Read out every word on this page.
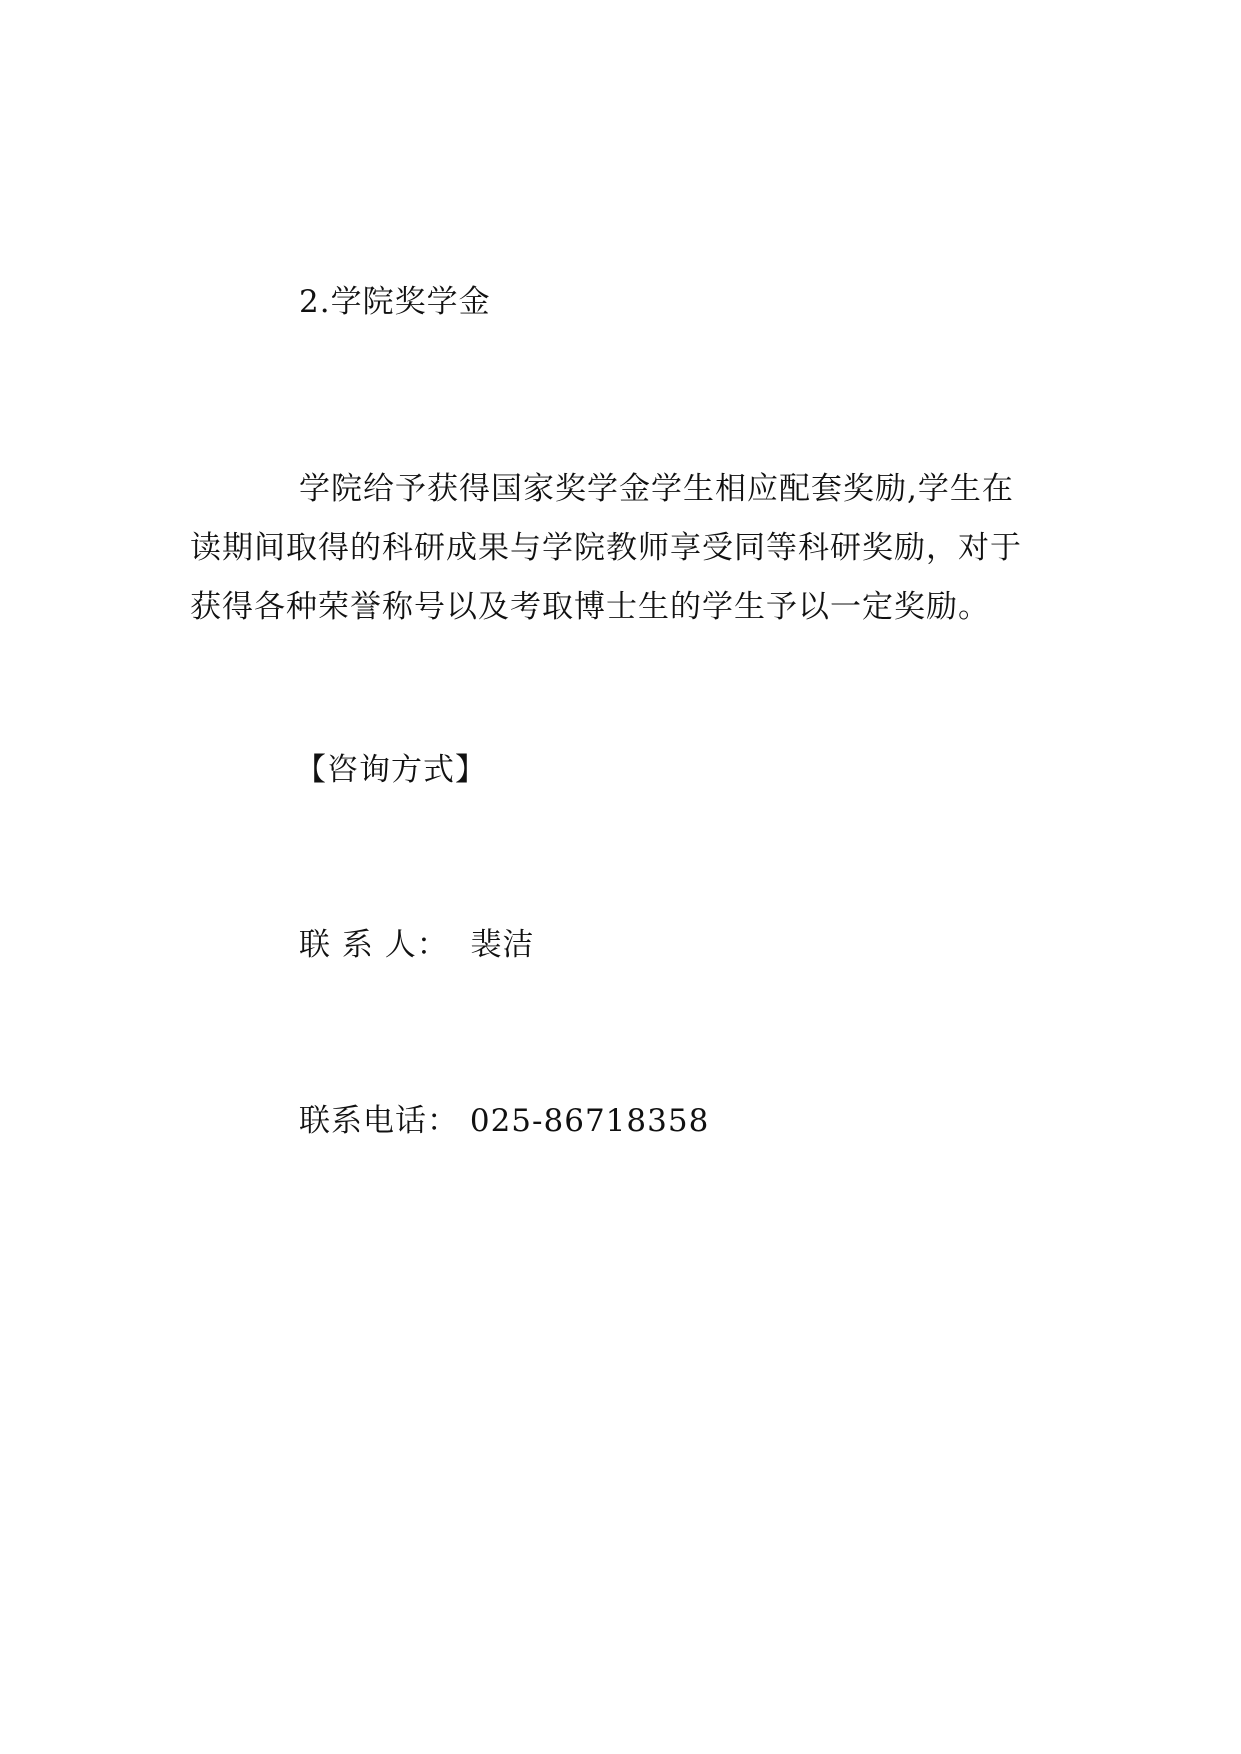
2.学院奖学金
学院给予获得国家奖学金学生相应配套奖励,学生在
读期间取得的科研成果与学院教师享受同等科研奖励，对于
获得各种荣誉称号以及考取博士生的学生予以一定奖励。
【咨询方式】
联 系 人： 裴洁
联系电话： 025-86718358
